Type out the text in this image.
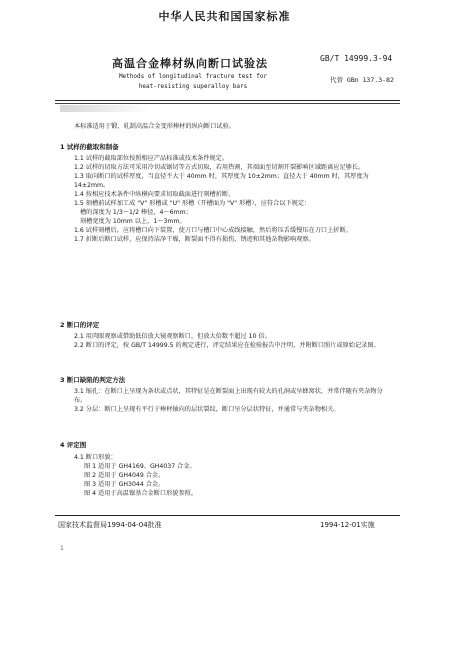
中华人民共和国国家标准
高温合金棒材纵向断口试验法
Methods of longitudinal fracture test for
heat-resisting superalloy bars
GB/T 14999.3-94
代替 GBn 137.3-82
本标准适用于锻、轧制高温合金变形棒材的纵向断口试验。
1 试样的截取和制备
1.1 试样的截取部位按照相应产品标准或技术条件规定。
1.2 试样的切取方法可采用冷切或锯切等方式切取，若用热割，其端面至切割开裂影响区域距离应足够长。
1.3 取向断口的试样厚度，当直径不大于 40mm 时，其厚度为 10±2mm；直径大于 40mm 时，其厚度为 14±2mm。
1.4 按相应技术条件中纵横向要求切取截面进行刻槽折断。
1.5 刻槽前试样加工成 "V" 形槽或 "U" 形槽（开槽面为 "V" 形槽），应符合以下规定：
槽的深度为 1/3～1/2 棒径，4～6mm；
刻槽宽度为 10mm 以上，1～3mm。
1.6 试样刻槽后，应将槽口向下装置，使刀口与槽口中心成线接触，然后将压舌缓慢压在刀口上折断。
1.7 折断后断口试样，应保持洁净干燥，断裂面不得有损伤、锈迹和其他杂物影响观察。
2 断口的评定
2.1 用肉眼观察或借助低倍放大镜观察断口，但放大倍数不超过 10 倍。
2.2 断口的评定，按 GB/T 14999.5 的规定进行，评定结果应在检验报告中注明，并附断口照片或原始记录图。
3 断口缺陷的判定方法
3.1 缩孔：在断口上呈现为条状或点状，其特征是在断裂面上出现有较大的孔洞或呈蜂窝状，并常伴随有夹杂物分布。
3.2 分层：断口上呈现有平行于棒材轴向的层状裂纹，断口呈分层状特征，并通常与夹杂物相关。
4 评定图
4.1 断口形貌：
图 1 适用于 GH4169、GH4037 合金。
图 2 适用于 GH4049 合金。
图 3 适用于 GH3044 合金。
图 4 适用于高温镍基合金断口形貌参照。
国家技术监督局1994-04-04批准	1994-12-01实施
1
